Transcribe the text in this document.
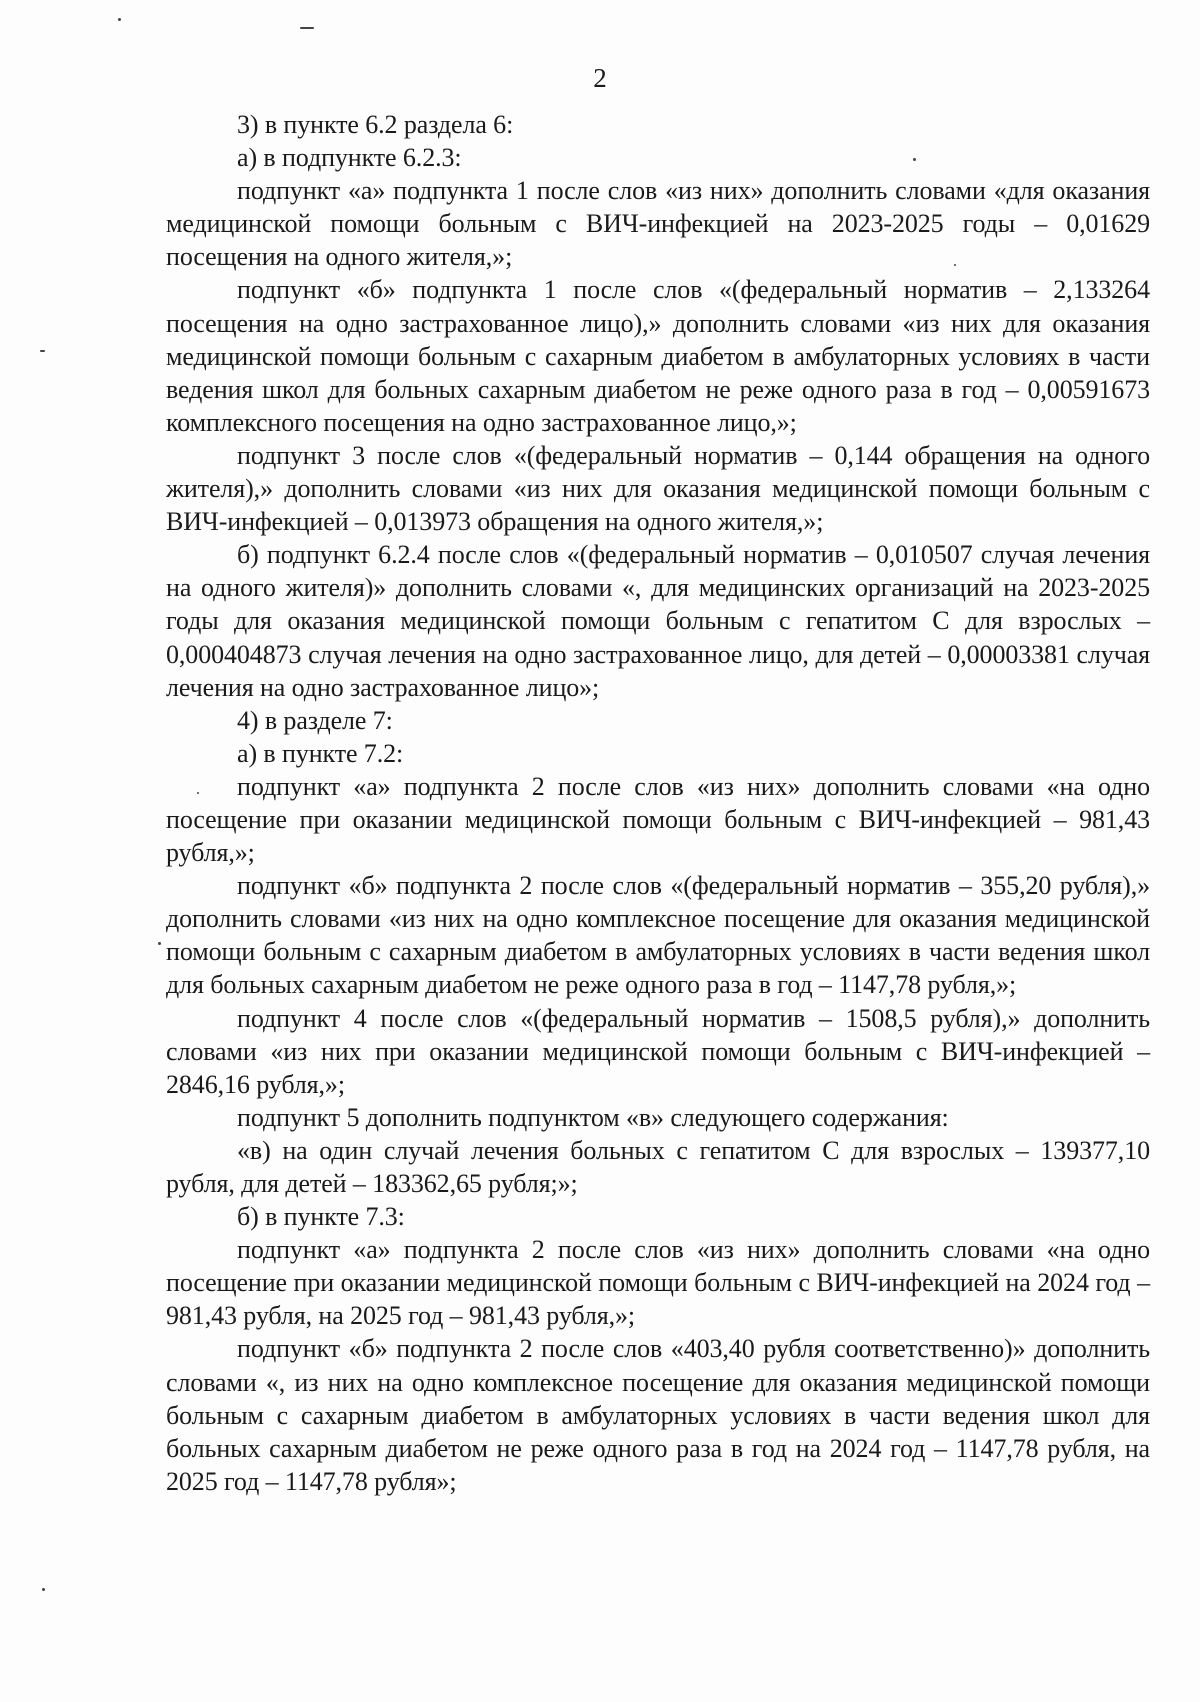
2

3) в пункте 6.2 раздела 6:

а) в подпункте 6.2.3:

подпункт «а» подпункта 1 после слов «из них» дополнить словами «для оказания медицинской помощи больным с ВИЧ-инфекцией на 2023-2025 годы – 0,01629 посещения на одного жителя,»;

подпункт «б» подпункта 1 после слов «(федеральный норматив – 2,133264 посещения на одно застрахованное лицо),» дополнить словами «из них для оказания медицинской помощи больным с сахарным диабетом в амбулаторных условиях в части ведения школ для больных сахарным диабетом не реже одного раза в год – 0,00591673 комплексного посещения на одно застрахованное лицо,»;

подпункт 3 после слов «(федеральный норматив – 0,144 обращения на одного жителя),» дополнить словами «из них для оказания медицинской помощи больным с ВИЧ-инфекцией – 0,013973 обращения на одного жителя,»;

б) подпункт 6.2.4 после слов «(федеральный норматив – 0,010507 случая лечения на одного жителя)» дополнить словами «, для медицинских организаций на 2023-2025 годы для оказания медицинской помощи больным с гепатитом С для взрослых – 0,000404873 случая лечения на одно застрахованное лицо, для детей – 0,00003381 случая лечения на одно застрахованное лицо»;

4) в разделе 7:

а) в пункте 7.2:

подпункт «а» подпункта 2 после слов «из них» дополнить словами «на одно посещение при оказании медицинской помощи больным с ВИЧ-инфекцией – 981,43 рубля,»;

подпункт «б» подпункта 2 после слов «(федеральный норматив – 355,20 рубля),» дополнить словами «из них на одно комплексное посещение для оказания медицинской помощи больным с сахарным диабетом в амбулаторных условиях в части ведения школ для больных сахарным диабетом не реже одного раза в год – 1147,78 рубля,»;

подпункт 4 после слов «(федеральный норматив – 1508,5 рубля),» дополнить словами «из них при оказании медицинской помощи больным с ВИЧ-инфекцией – 2846,16 рубля,»;

подпункт 5 дополнить подпунктом «в» следующего содержания:

«в) на один случай лечения больных с гепатитом С для взрослых – 139377,10 рубля, для детей – 183362,65 рубля;»;

б) в пункте 7.3:

подпункт «а» подпункта 2 после слов «из них» дополнить словами «на одно посещение при оказании медицинской помощи больным с ВИЧ-инфекцией на 2024 год – 981,43 рубля, на 2025 год – 981,43 рубля,»;

подпункт «б» подпункта 2 после слов «403,40 рубля соответственно)» дополнить словами «, из них на одно комплексное посещение для оказания медицинской помощи больным с сахарным диабетом в амбулаторных условиях в части ведения школ для больных сахарным диабетом не реже одного раза в год на 2024 год – 1147,78 рубля, на 2025 год – 1147,78 рубля»;
